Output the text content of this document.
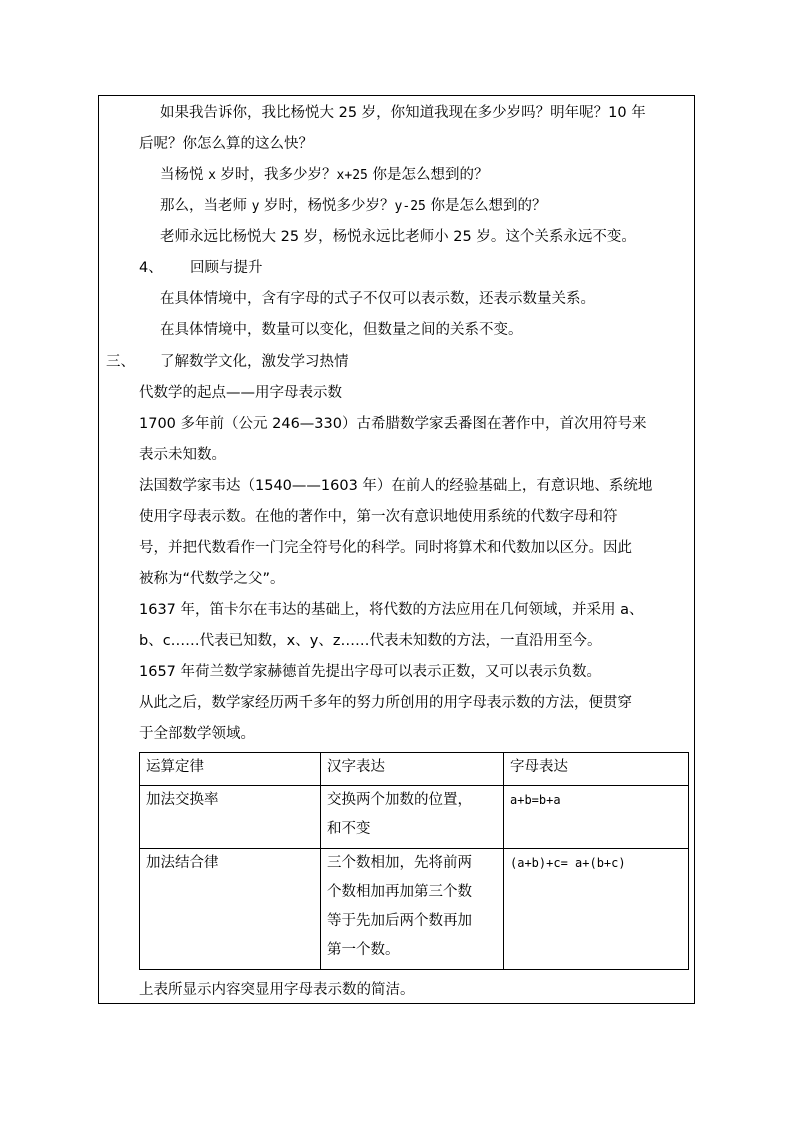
如果我告诉你，我比杨悦大 25 岁，你知道我现在多少岁吗？明年呢？10 年
后呢？你怎么算的这么快？
当杨悦 x 岁时，我多少岁？x+25 你是怎么想到的？
那么，当老师 y 岁时，杨悦多少岁？y-25 你是怎么想到的？
老师永远比杨悦大 25 岁，杨悦永远比老师小 25 岁。这个关系永远不变。
4、 回顾与提升
在具体情境中，含有字母的式子不仅可以表示数，还表示数量关系。
在具体情境中，数量可以变化，但数量之间的关系不变。
三、 了解数学文化，激发学习热情
代数学的起点——用字母表示数
1700 多年前（公元 246—330）古希腊数学家丢番图在著作中，首次用符号来
表示未知数。
法国数学家韦达（1540——1603 年）在前人的经验基础上，有意识地、系统地
使用字母表示数。在他的著作中，第一次有意识地使用系统的代数字母和符
号，并把代数看作一门完全符号化的科学。同时将算术和代数加以区分。因此
被称为“代数学之父”。
1637 年，笛卡尔在韦达的基础上，将代数的方法应用在几何领域，并采用 a、
b、c……代表已知数，x、y、z……代表未知数的方法，一直沿用至今。
1657 年荷兰数学家赫德首先提出字母可以表示正数，又可以表示负数。
从此之后，数学家经历两千多年的努力所创用的用字母表示数的方法，便贯穿
于全部数学领域。
运算定律	汉字表达	字母表达
加法交换率	交换两个加数的位置，
和不变	a+b=b+a
加法结合律	三个数相加，先将前两
个数相加再加第三个数
等于先加后两个数再加
第一个数。	(a+b)+c= a+(b+c)
上表所显示内容突显用字母表示数的简洁。
